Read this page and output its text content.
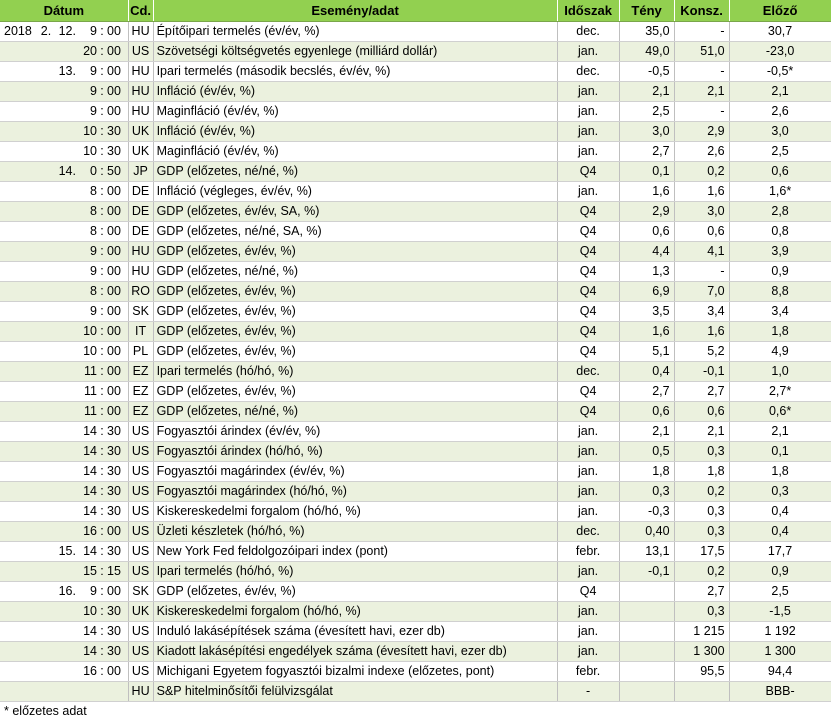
Dátum						Cd.	Esemény/adat	Időszak	Tény	Konsz.	Előző
2018	2.	12.	9	:	00	HU	Építőipari termelés (év/év, %)	dec.	35,0	-	30,7
			20	:	00	US	Szövetségi költségvetés egyenlege (milliárd dollár)	jan.	49,0	51,0	-23,0
		13.	9	:	00	HU	Ipari termelés (második becslés, év/év, %)	dec.	-0,5	-	-0,5*
			9	:	00	HU	Infláció (év/év, %)	jan.	2,1	2,1	2,1
			9	:	00	HU	Maginfláció (év/év, %)	jan.	2,5	-	2,6
			10	:	30	UK	Infláció (év/év, %)	jan.	3,0	2,9	3,0
			10	:	30	UK	Maginfláció (év/év, %)	jan.	2,7	2,6	2,5
		14.	0	:	50	JP	GDP (előzetes, né/né, %)	Q4	0,1	0,2	0,6
			8	:	00	DE	Infláció (végleges, év/év, %)	jan.	1,6	1,6	1,6*
			8	:	00	DE	GDP (előzetes, év/év, SA, %)	Q4	2,9	3,0	2,8
			8	:	00	DE	GDP (előzetes, né/né, SA, %)	Q4	0,6	0,6	0,8
			9	:	00	HU	GDP (előzetes, év/év, %)	Q4	4,4	4,1	3,9
			9	:	00	HU	GDP (előzetes, né/né, %)	Q4	1,3	-	0,9
			8	:	00	RO	GDP (előzetes, év/év, %)	Q4	6,9	7,0	8,8
			9	:	00	SK	GDP (előzetes, év/év, %)	Q4	3,5	3,4	3,4
			10	:	00	IT	GDP (előzetes, év/év, %)	Q4	1,6	1,6	1,8
			10	:	00	PL	GDP (előzetes, év/év, %)	Q4	5,1	5,2	4,9
			11	:	00	EZ	Ipari termelés (hó/hó, %)	dec.	0,4	-0,1	1,0
			11	:	00	EZ	GDP (előzetes, év/év, %)	Q4	2,7	2,7	2,7*
			11	:	00	EZ	GDP (előzetes, né/né, %)	Q4	0,6	0,6	0,6*
			14	:	30	US	Fogyasztói árindex (év/év, %)	jan.	2,1	2,1	2,1
			14	:	30	US	Fogyasztói árindex (hó/hó, %)	jan.	0,5	0,3	0,1
			14	:	30	US	Fogyasztói magárindex (év/év, %)	jan.	1,8	1,8	1,8
			14	:	30	US	Fogyasztói magárindex (hó/hó, %)	jan.	0,3	0,2	0,3
			14	:	30	US	Kiskereskedelmi forgalom (hó/hó, %)	jan.	-0,3	0,3	0,4
			16	:	00	US	Üzleti készletek (hó/hó, %)	dec.	0,40	0,3	0,4
		15.	14	:	30	US	New York Fed feldolgozóipari index (pont)	febr.	13,1	17,5	17,7
			15	:	15	US	Ipari termelés (hó/hó, %)	jan.	-0,1	0,2	0,9
		16.	9	:	00	SK	GDP (előzetes, év/év, %)	Q4		2,7	2,5
			10	:	30	UK	Kiskereskedelmi forgalom (hó/hó, %)	jan.		0,3	-1,5
			14	:	30	US	Induló lakásépítések száma (évesített havi, ezer db)	jan.		1 215	1 192
			14	:	30	US	Kiadott lakásépítési engedélyek száma (évesített havi, ezer db)	jan.		1 300	1 300
			16	:	00	US	Michigani Egyetem fogyasztói bizalmi indexe (előzetes, pont)	febr.		95,5	94,4
						HU	S&P hitelminősítői felülvizsgálat	-			BBB-
* előzetes adat
